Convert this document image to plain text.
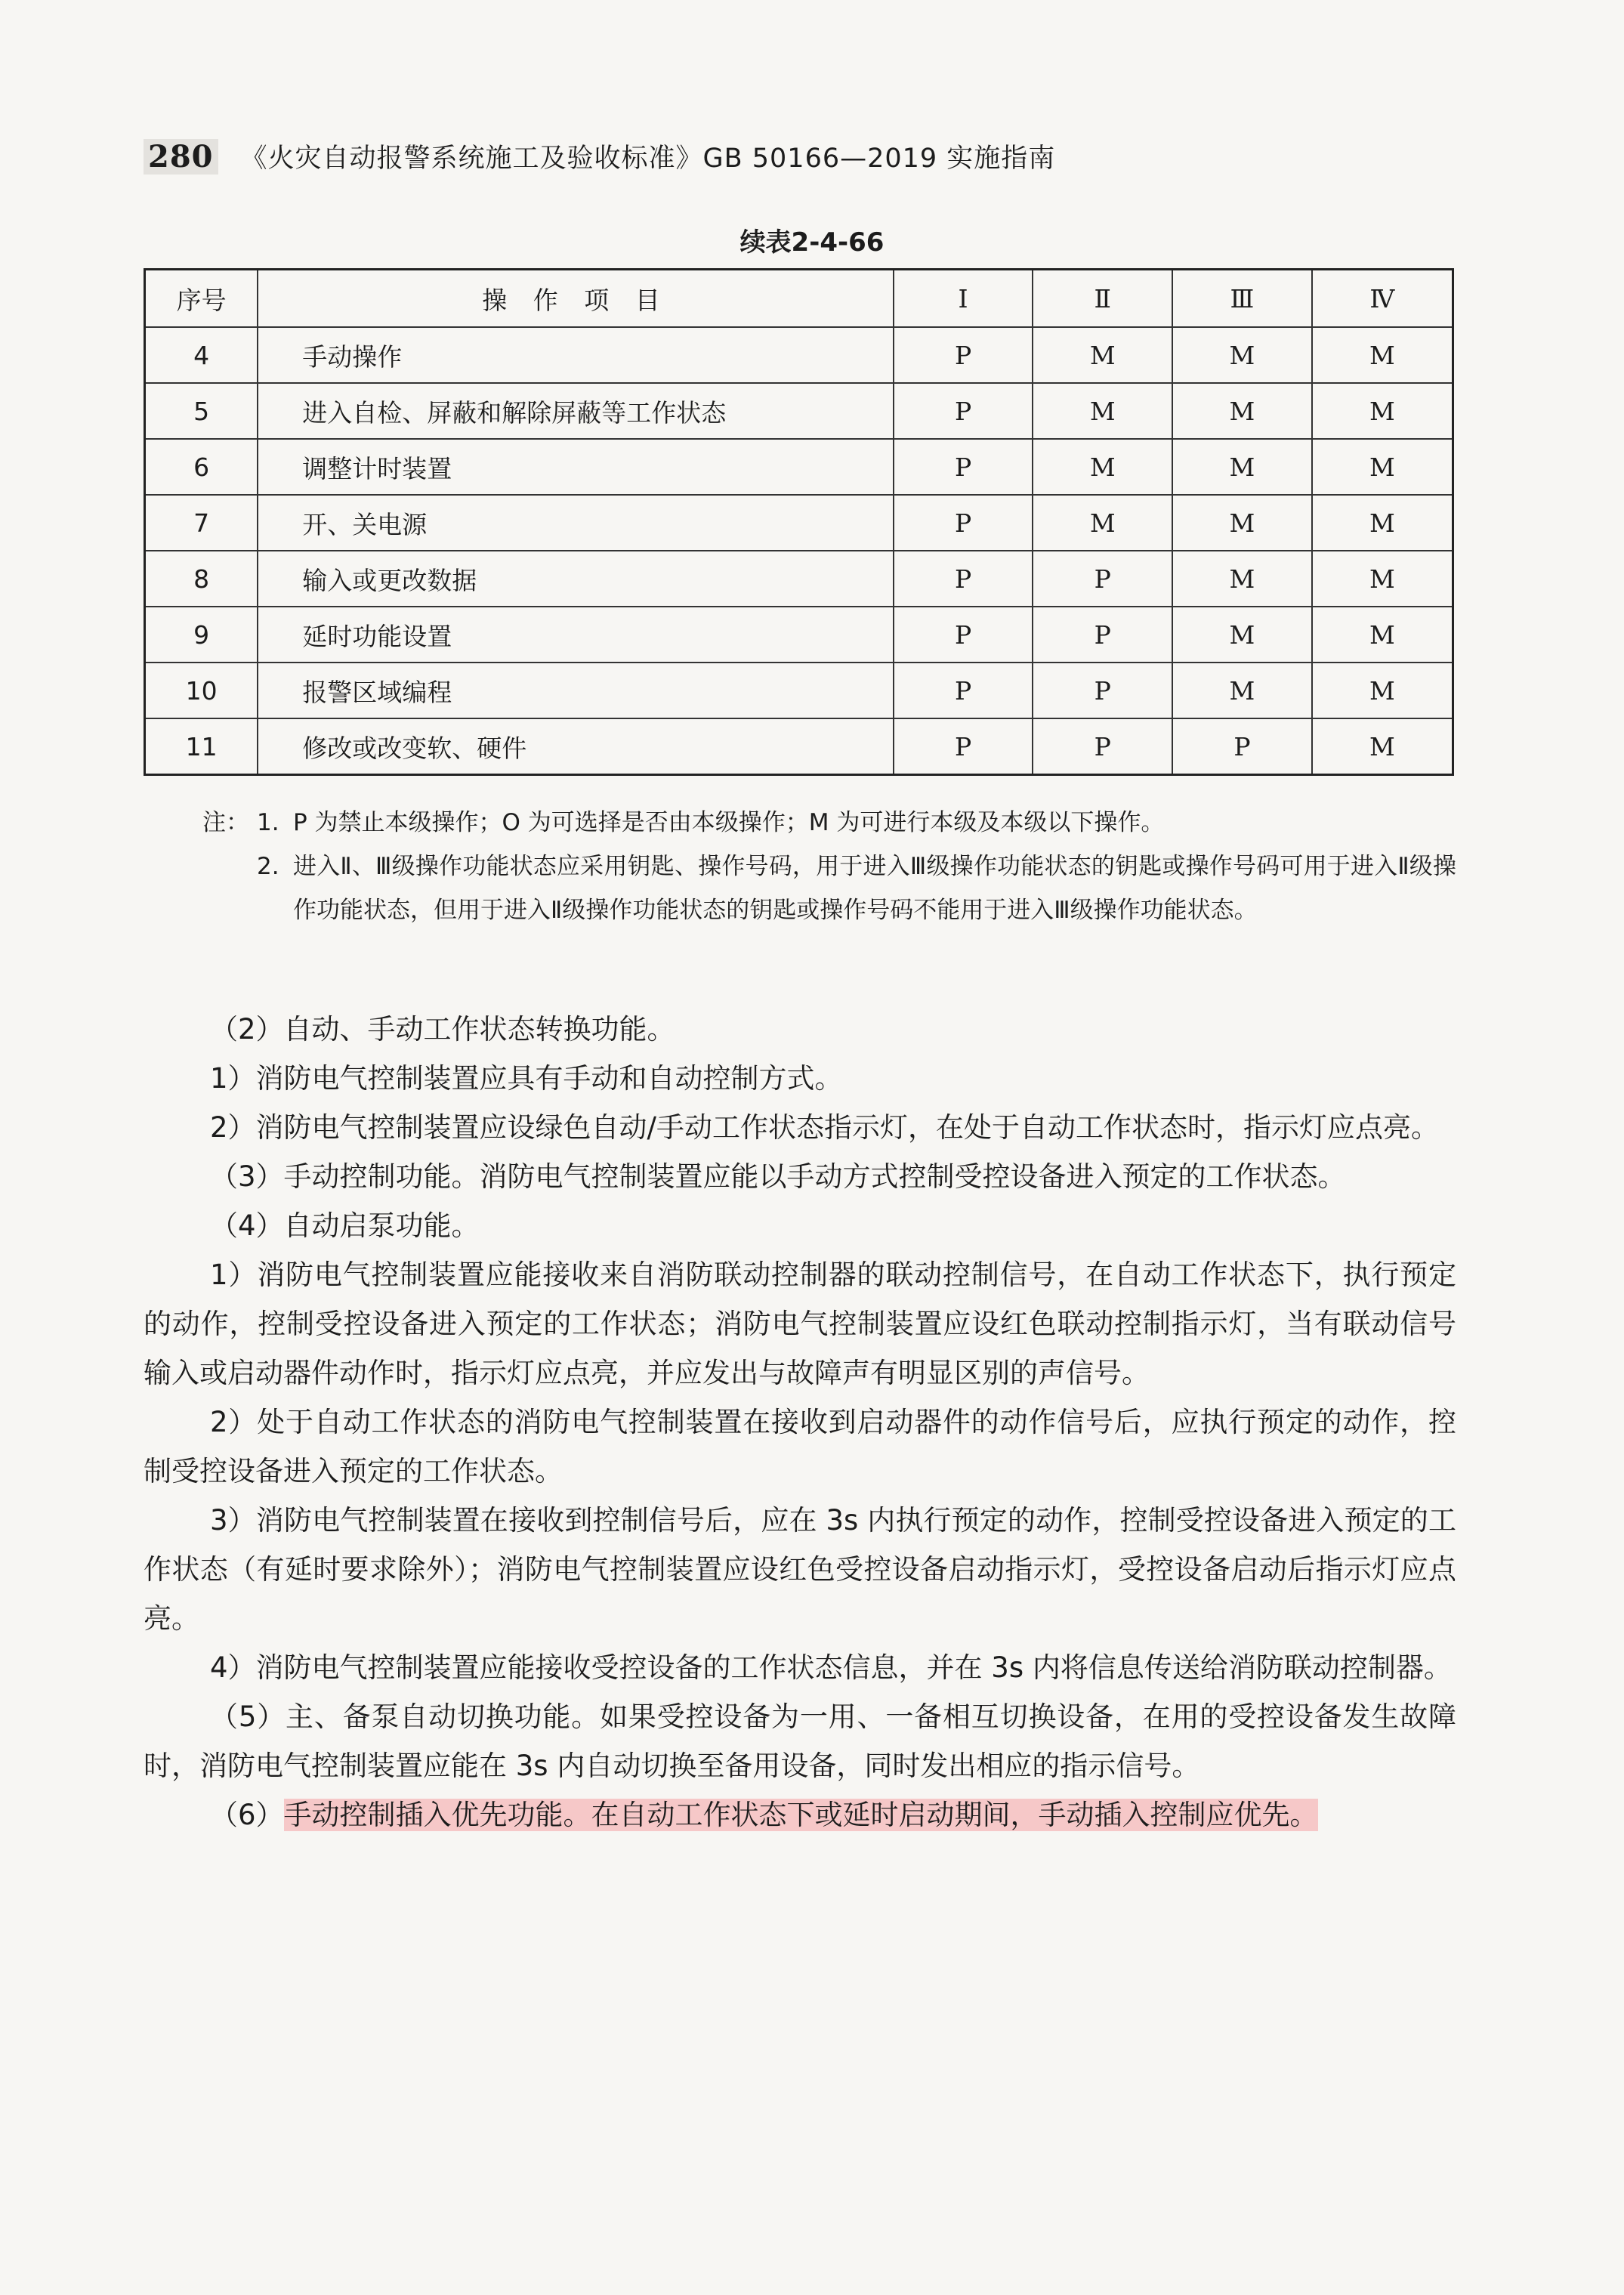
280 《火灾自动报警系统施工及验收标准》GB 50166—2019 实施指南
续表2-4-66
序号	操 作 项 目	Ⅰ	Ⅱ	Ⅲ	Ⅳ
4	手动操作	P	M	M	M
5	进入自检、屏蔽和解除屏蔽等工作状态	P	M	M	M
6	调整计时装置	P	M	M	M
7	开、关电源	P	M	M	M
8	输入或更改数据	P	P	M	M
9	延时功能设置	P	P	M	M
10	报警区域编程	P	P	M	M
11	修改或改变软、硬件	P	P	P	M
注： 1. P 为禁止本级操作；O 为可选择是否由本级操作；M 为可进行本级及本级以下操作。
2. 进入Ⅱ、Ⅲ级操作功能状态应采用钥匙、操作号码，用于进入Ⅲ级操作功能状态的钥匙或操作号码可用于进入Ⅱ级操作功能状态，但用于进入Ⅱ级操作功能状态的钥匙或操作号码不能用于进入Ⅲ级操作功能状态。

（2）自动、手动工作状态转换功能。

1）消防电气控制装置应具有手动和自动控制方式。

2）消防电气控制装置应设绿色自动/手动工作状态指示灯，在处于自动工作状态时，指示灯应点亮。

（3）手动控制功能。消防电气控制装置应能以手动方式控制受控设备进入预定的工作状态。

（4）自动启泵功能。

1）消防电气控制装置应能接收来自消防联动控制器的联动控制信号，在自动工作状态下，执行预定的动作，控制受控设备进入预定的工作状态；消防电气控制装置应设红色联动控制指示灯，当有联动信号输入或启动器件动作时，指示灯应点亮，并应发出与故障声有明显区别的声信号。

2）处于自动工作状态的消防电气控制装置在接收到启动器件的动作信号后，应执行预定的动作，控制受控设备进入预定的工作状态。

3）消防电气控制装置在接收到控制信号后，应在 3s 内执行预定的动作，控制受控设备进入预定的工作状态（有延时要求除外）；消防电气控制装置应设红色受控设备启动指示灯，受控设备启动后指示灯应点亮。

4）消防电气控制装置应能接收受控设备的工作状态信息，并在 3s 内将信息传送给消防联动控制器。

（5）主、备泵自动切换功能。如果受控设备为一用、一备相互切换设备，在用的受控设备发生故障时，消防电气控制装置应能在 3s 内自动切换至备用设备，同时发出相应的指示信号。

（6）手动控制插入优先功能。在自动工作状态下或延时启动期间，手动插入控制应优先。
